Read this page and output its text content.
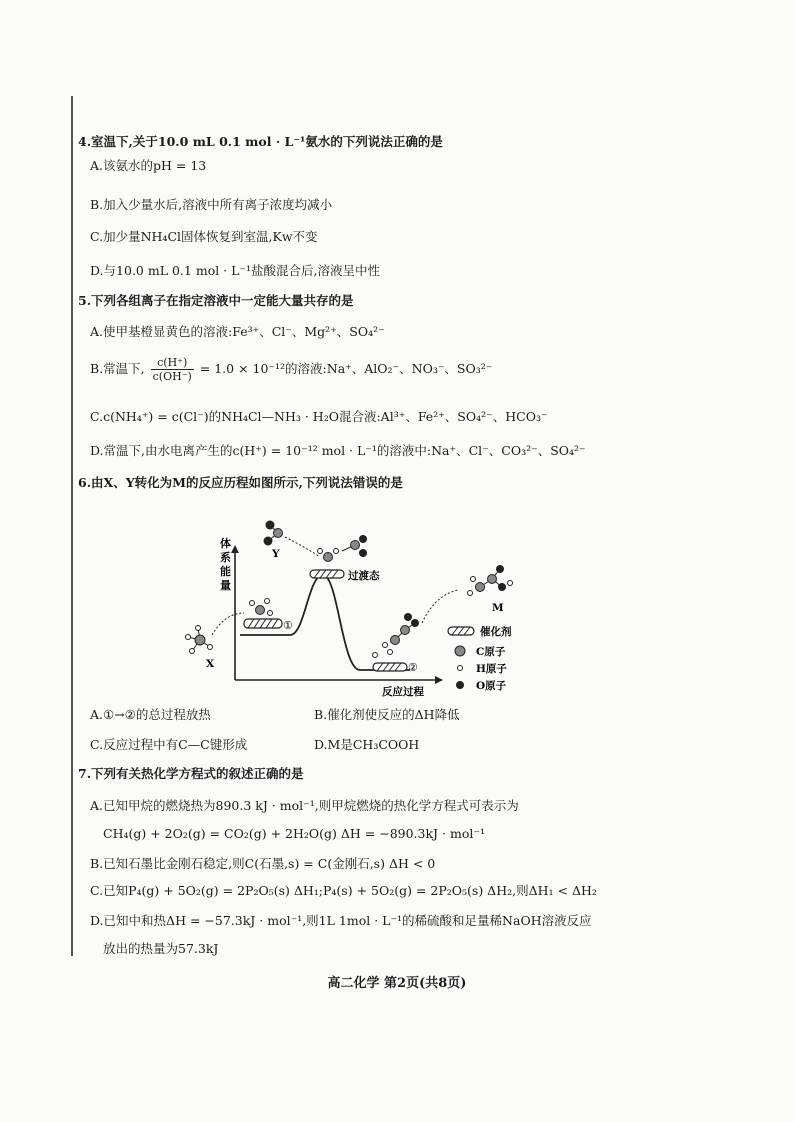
4.室温下,关于10.0 mL 0.1 mol · L⁻¹氨水的下列说法正确的是
A.该氨水的pH = 13
B.加入少量水后,溶液中所有离子浓度均减小
C.加少量NH₄Cl固体恢复到室温,Kw不变
D.与10.0 mL 0.1 mol · L⁻¹盐酸混合后,溶液呈中性
5.下列各组离子在指定溶液中一定能大量共存的是
A.使甲基橙显黄色的溶液:Fe³⁺、Cl⁻、Mg²⁺、SO₄²⁻
B.常温下, $\frac{c(H^+)}{c(OH^-)} = 1.0 \times 10^{-12}$的溶液:Na⁺、AlO₂⁻、NO₃⁻、SO₃²⁻
C.c(NH₄⁺) = c(Cl⁻)的NH₄Cl—NH₃ · H₂O混合液:Al³⁺、Fe²⁺、SO₄²⁻、HCO₃⁻
D.常温下,由水电离产生的c(H⁺) = 10⁻¹² mol · L⁻¹的溶液中:Na⁺、Cl⁻、CO₃²⁻、SO₄²⁻
6.由X、Y转化为M的反应历程如图所示,下列说法错误的是
体
系
能
量
反应过程
①
过渡态
②
X
Y
M
催化剂
C原子
H原子
O原子
A.①→②的总过程放热	B.催化剂使反应的ΔH降低
C.反应过程中有C—C键形成	D.M是CH₃COOH
7.下列有关热化学方程式的叙述正确的是
A.已知甲烷的燃烧热为890.3 kJ · mol⁻¹,则甲烷燃烧的热化学方程式可表示为
CH₄(g) + 2O₂(g) = CO₂(g) + 2H₂O(g) ΔH = −890.3kJ · mol⁻¹
B.已知石墨比金刚石稳定,则C(石墨,s) = C(金刚石,s) ΔH < 0
C.已知P₄(g) + 5O₂(g) = 2P₂O₅(s) ΔH₁;P₄(s) + 5O₂(g) = 2P₂O₅(s) ΔH₂,则ΔH₁ < ΔH₂
D.已知中和热ΔH = −57.3kJ · mol⁻¹,则1L 1mol · L⁻¹的稀硫酸和足量稀NaOH溶液反应
放出的热量为57.3kJ
高二化学 第2页(共8页)
